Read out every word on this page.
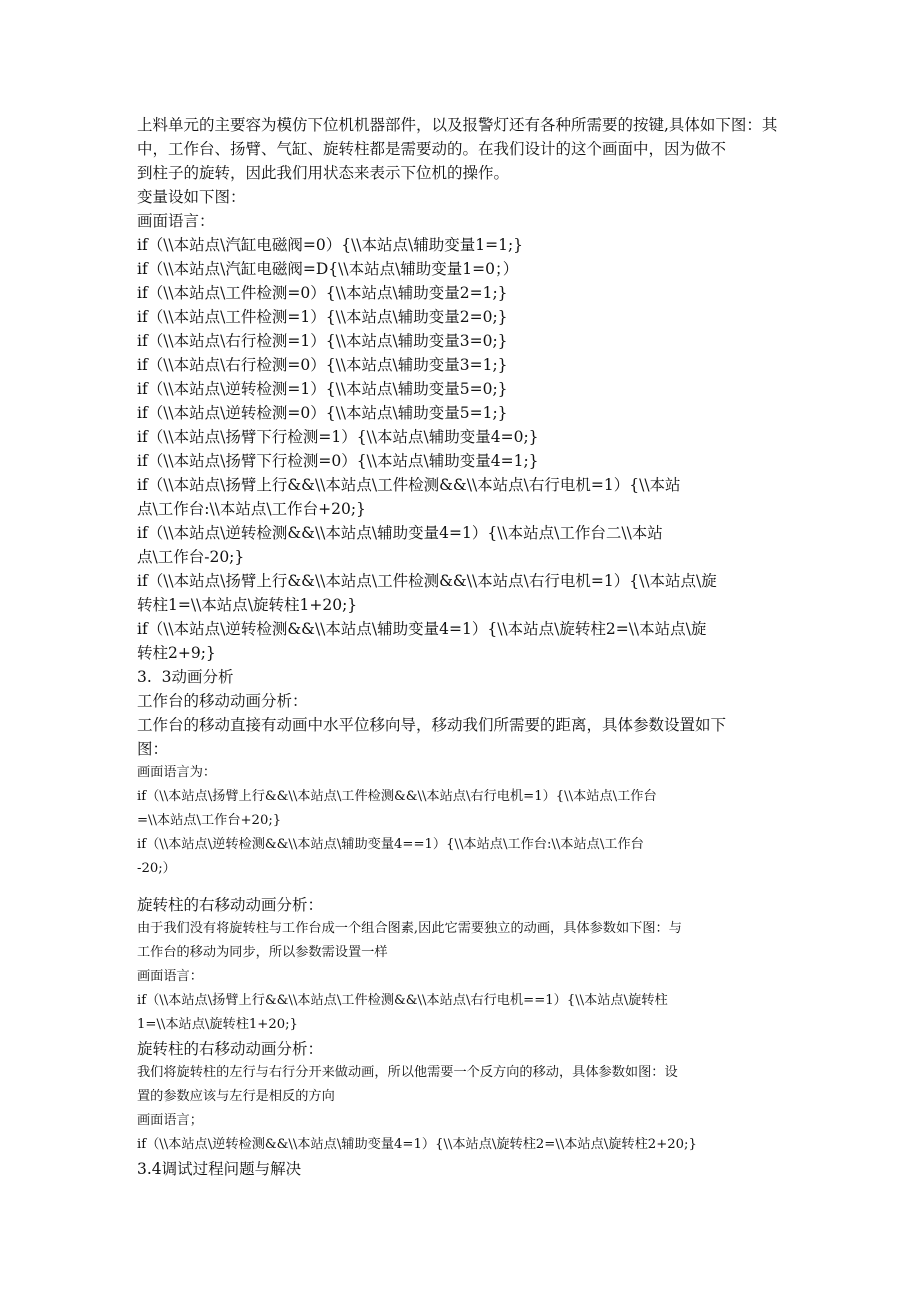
上料单元的主要容为模仿下位机机器部件，以及报警灯还有各种所需要的按键,具体如下图：其

中，工作台、扬臂、气缸、旋转柱都是需要动的。在我们设计的这个画面中，因为做不

到柱子的旋转，因此我们用状态来表示下位机的操作。

变量设如下图：

画面语言：

if（\\本站点\汽缸电磁阀=0）{\\本站点\辅助变量1=1;}

if（\\本站点\汽缸电磁阀=D{\\本站点\辅助变量1=0；）

if（\\本站点\工件检测=0）{\\本站点\辅助变量2=1;}

if（\\本站点\工件检测=1）{\\本站点\辅助变量2=0;}

if（\\本站点\右行检测=1）{\\本站点\辅助变量3=0;}

if（\\本站点\右行检测=0）{\\本站点\辅助变量3=1;}

if（\\本站点\逆转检测=1）{\\本站点\辅助变量5=0;}

if（\\本站点\逆转检测=0）{\\本站点\辅助变量5=1;}

if（\\本站点\扬臂下行检测=1）{\\本站点\辅助变量4=0;}

if（\\本站点\扬臂下行检测=0）{\\本站点\辅助变量4=1;}

if（\\本站点\扬臂上行&&\\本站点\工件检测&&\\本站点\右行电机=1）{\\本站

点\工作台:\\本站点\工作台+20;}

if（\\本站点\逆转检测&&\\本站点\辅助变量4=1）{\\本站点\工作台二\\本站

点\工作台-20;}

if（\\本站点\扬臂上行&&\\本站点\工件检测&&\\本站点\右行电机=1）{\\本站点\旋

转柱1=\\本站点\旋转柱1+20;}

if（\\本站点\逆转检测&&\\本站点\辅助变量4=1）{\\本站点\旋转柱2=\\本站点\旋

转柱2+9;}

3.  3动画分析

工作台的移动动画分析：

工作台的移动直接有动画中水平位移向导，移动我们所需要的距离，具体参数设置如下

图：

画面语言为：

if（\\本站点\扬臂上行&&\\本站点\工件检测&&\\本站点\右行电机=1）{\\本站点\工作台

=\\本站点\工作台+20;}

if（\\本站点\逆转检测&&\\本站点\辅助变量4==1）{\\本站点\工作台:\\本站点\工作台

-20;）

旋转柱的右移动动画分析：

由于我们没有将旋转柱与工作台成一个组合图素,因此它需要独立的动画，具体参数如下图：与

工作台的移动为同步，所以参数需设置一样

画面语言：

if（\\本站点\扬臂上行&&\\本站点\工件检测&&\\本站点\右行电机==1）{\\本站点\旋转柱

1=\\本站点\旋转柱1+20;}

旋转柱的右移动动画分析：

我们将旋转柱的左行与右行分开来做动画，所以他需要一个反方向的移动，具体参数如图：设

置的参数应该与左行是相反的方向

画面语言；

if（\\本站点\逆转检测&&\\本站点\辅助变量4=1）{\\本站点\旋转柱2=\\本站点\旋转柱2+20;}

3.4调试过程问题与解决
